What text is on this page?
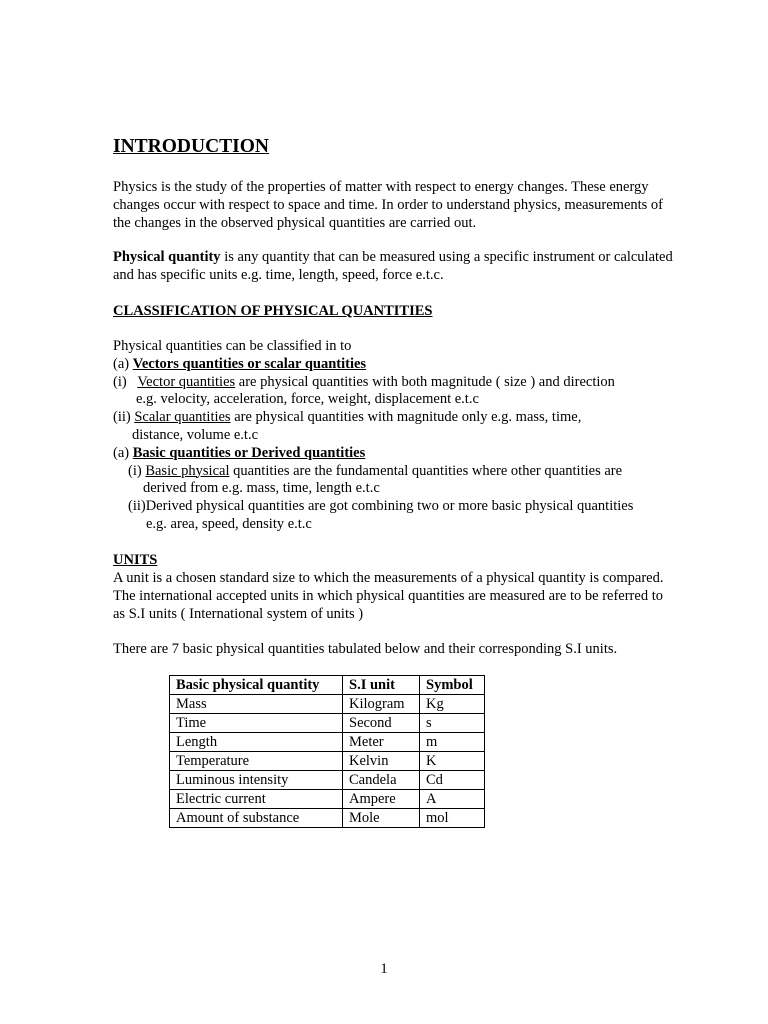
INTRODUCTION
Physics is the study of the properties of matter with respect to energy changes. These energy
changes occur with respect to space and time. In order to understand physics, measurements of
the changes in the observed physical quantities are carried out.
Physical quantity is any quantity that can be measured using a specific instrument or calculated
and has specific units e.g. time, length, speed, force e.t.c.
CLASSIFICATION OF PHYSICAL QUANTITIES
Physical quantities can be classified in to
(a) Vectors quantities or scalar quantities
(i)   Vector quantities are physical quantities with both magnitude ( size ) and direction
e.g. velocity, acceleration, force, weight, displacement e.t.c
(ii) Scalar quantities are physical quantities with magnitude only e.g. mass, time,
distance, volume e.t.c
(a) Basic quantities or Derived quantities
(i) Basic physical quantities are the fundamental quantities where other quantities are
derived from e.g. mass, time, length e.t.c
(ii)Derived physical quantities are got combining two or more basic physical quantities
e.g. area, speed, density e.t.c
UNITS
A unit is a chosen standard size to which the measurements of a physical quantity is compared.
The international accepted units in which physical quantities are measured are to be referred to
as S.I units ( International system of units )
There are 7 basic physical quantities tabulated below and their corresponding S.I units.
Basic physical quantity	S.I unit	Symbol
Mass	Kilogram	Kg
Time	Second	s
Length	Meter	m
Temperature	Kelvin	K
Luminous intensity	Candela	Cd
Electric current	Ampere	A
Amount of substance	Mole	mol
1
